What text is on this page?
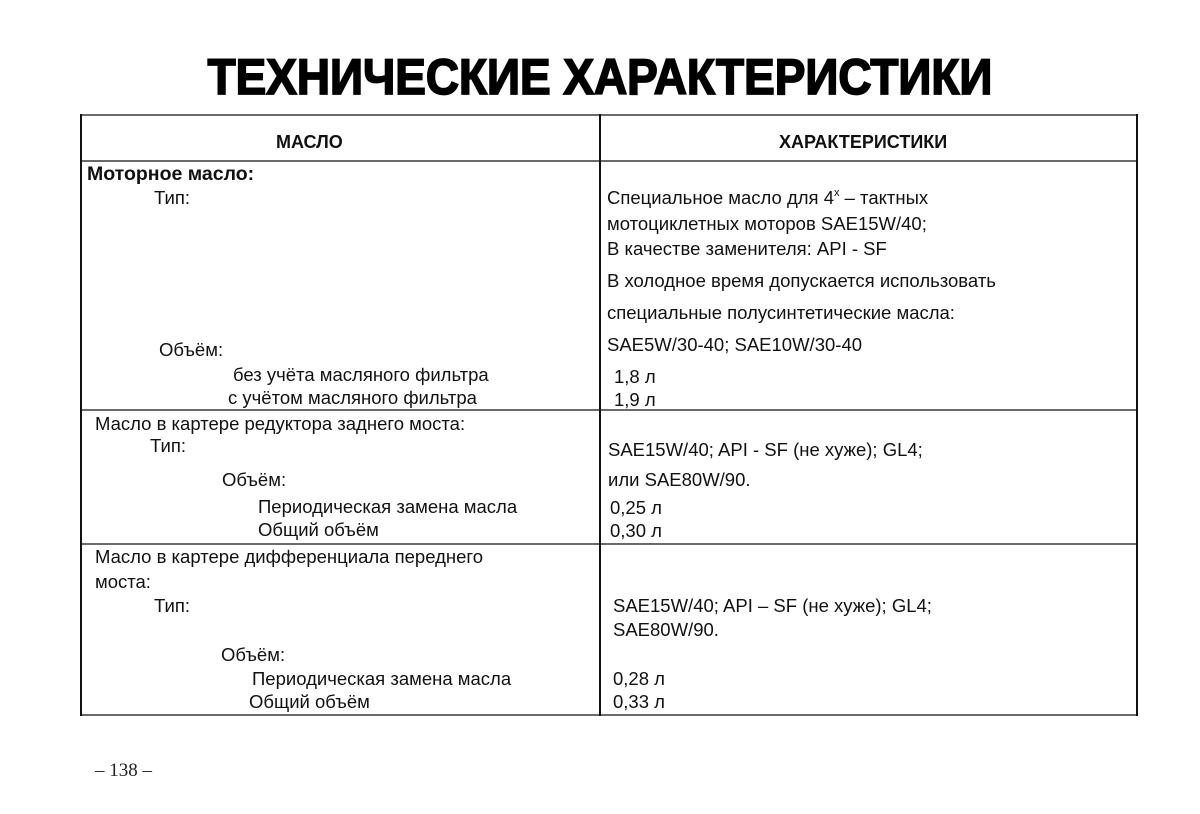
ТЕХНИЧЕСКИЕ ХАРАКТЕРИСТИКИ
МАСЛО	ХАРАКТЕРИСТИКИ
Моторное масло:
Тип:	Специальное масло для $4^х$ – тактных
мотоциклетных моторов SAE15W/40;
В качестве заменителя: API - SF
В холодное время допускается использовать
специальные полусинтетические масла:
SAE5W/30-40; SAE10W/30-40
Объём:
без учёта масляного фильтра	1,8 л
с учётом масляного фильтра	1,9 л
Масло в картере редуктора заднего моста:
Тип:	SAE15W/40; API - SF (не хуже); GL4;
или SAE80W/90.
Объём:
Периодическая замена масла	0,25 л
Общий объём	0,30 л
Масло в картере дифференциала переднего
моста:
Тип:	SAE15W/40; API – SF (не хуже); GL4;
SAE80W/90.
Объём:
Периодическая замена масла	0,28 л
Общий объём	0,33 л
– 138 –
